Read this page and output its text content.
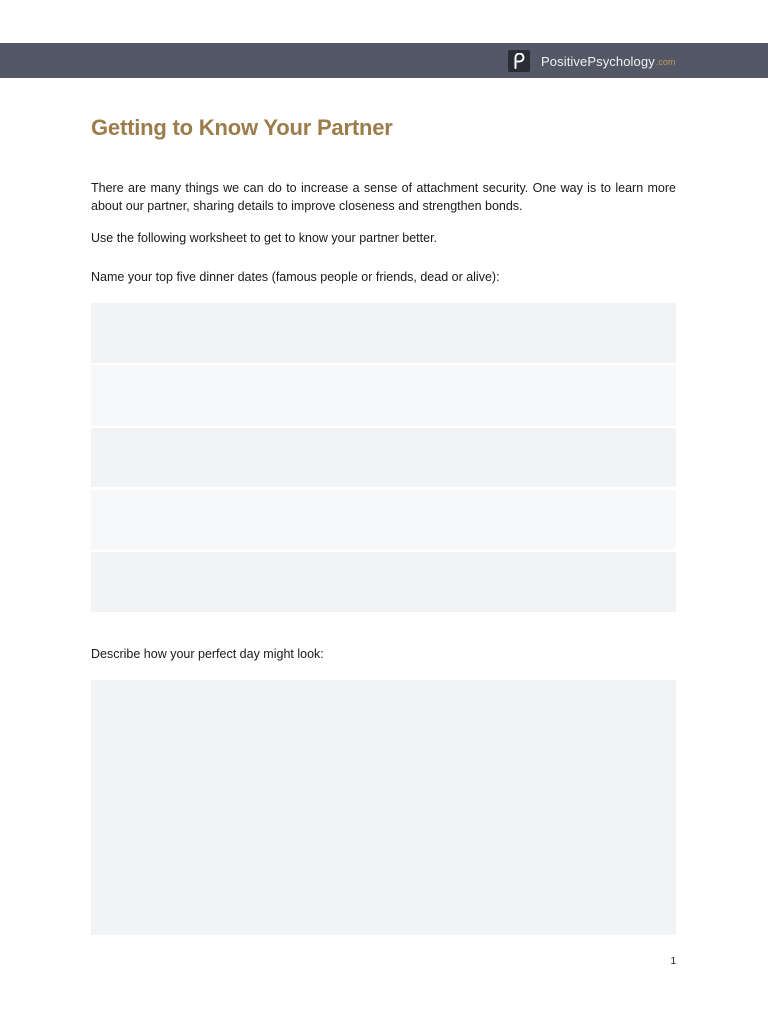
PositivePsychology .com
Getting to Know Your Partner

There are many things we can do to increase a sense of attachment security. One way is to learn more about our partner, sharing details to improve closeness and strengthen bonds.

Use the following worksheet to get to know your partner better.

Name your top five dinner dates (famous people or friends, dead or alive):

Describe how your perfect day might look:

1
